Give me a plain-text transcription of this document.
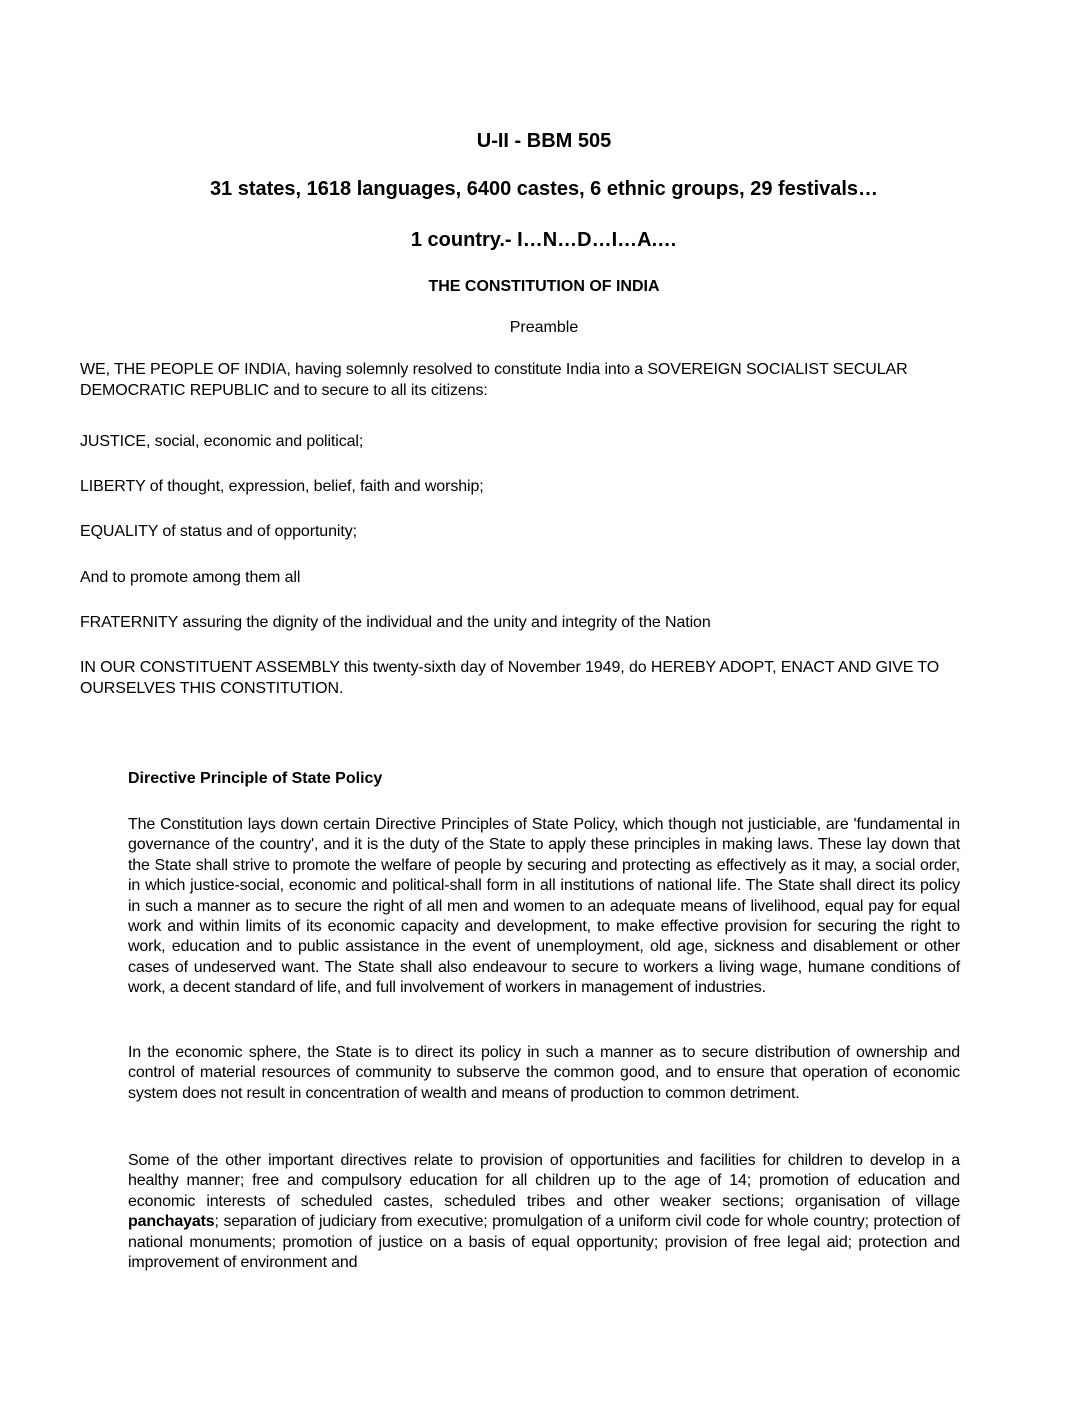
U-II - BBM 505

31 states, 1618 languages, 6400 castes, 6 ethnic groups, 29 festivals…

1 country.- I…N…D…I…A.…

THE CONSTITUTION OF INDIA

Preamble

WE, THE PEOPLE OF INDIA, having solemnly resolved to constitute India into a SOVEREIGN SOCIALIST SECULAR DEMOCRATIC REPUBLIC and to secure to all its citizens:

JUSTICE, social, economic and political;

LIBERTY of thought, expression, belief, faith and worship;

EQUALITY of status and of opportunity;

And to promote among them all

FRATERNITY assuring the dignity of the individual and the unity and integrity of the Nation

IN OUR CONSTITUENT ASSEMBLY this twenty-sixth day of November 1949, do HEREBY ADOPT, ENACT AND GIVE TO OURSELVES THIS CONSTITUTION.

Directive Principle of State Policy

The Constitution lays down certain Directive Principles of State Policy, which though not justiciable, are 'fundamental in governance of the country', and it is the duty of the State to apply these principles in making laws. These lay down that the State shall strive to promote the welfare of people by securing and protecting as effectively as it may, a social order, in which justice-social, economic and political-shall form in all institutions of national life. The State shall direct its policy in such a manner as to secure the right of all men and women to an adequate means of livelihood, equal pay for equal work and within limits of its economic capacity and development, to make effective provision for securing the right to work, education and to public assistance in the event of unemployment, old age, sickness and disablement or other cases of undeserved want. The State shall also endeavour to secure to workers a living wage, humane conditions of work, a decent standard of life, and full involvement of workers in management of industries.

In the economic sphere, the State is to direct its policy in such a manner as to secure distribution of ownership and control of material resources of community to subserve the common good, and to ensure that operation of economic system does not result in concentration of wealth and means of production to common detriment.

Some of the other important directives relate to provision of opportunities and facilities for children to develop in a healthy manner; free and compulsory education for all children up to the age of 14; promotion of education and economic interests of scheduled castes, scheduled tribes and other weaker sections; organisation of village panchayats; separation of judiciary from executive; promulgation of a uniform civil code for whole country; protection of national monuments; promotion of justice on a basis of equal opportunity; provision of free legal aid; protection and improvement of environment and
